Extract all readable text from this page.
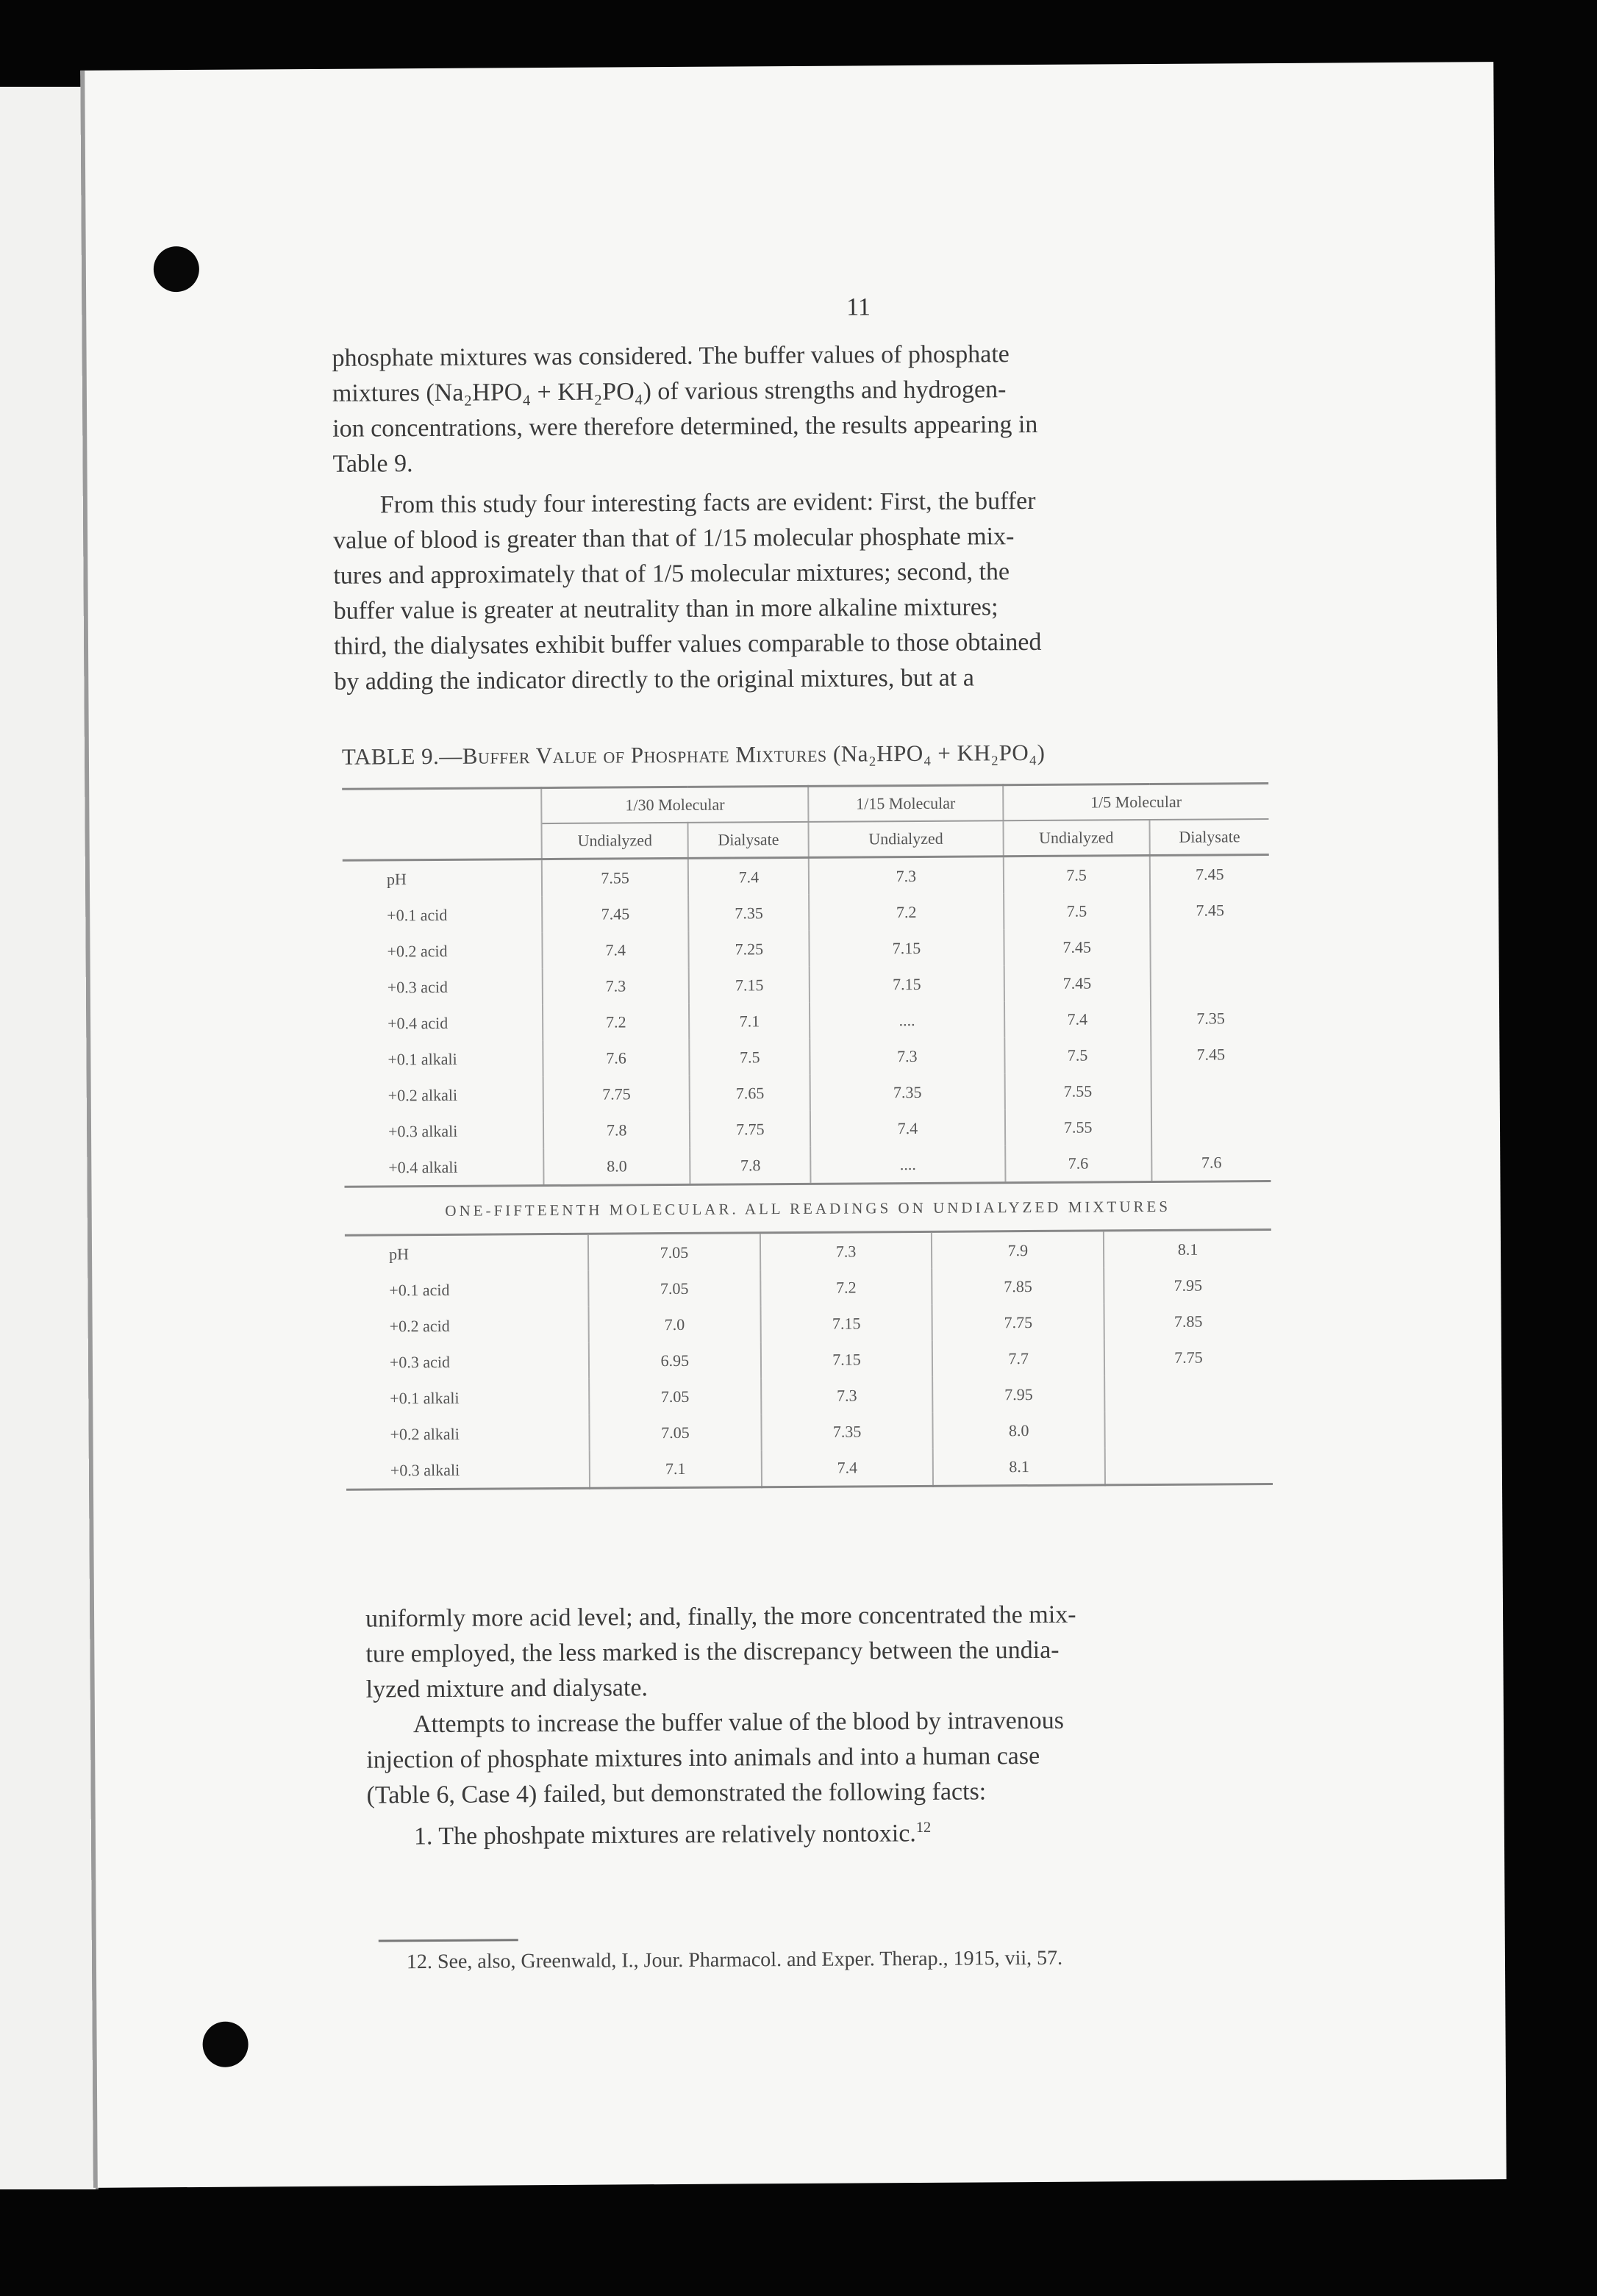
11

phosphate mixtures was considered. The buffer values of phosphate

mixtures (Na₂HPO₄ + KH₂PO₄) of various strengths and hydrogen-

ion concentrations, were therefore determined, the results appearing in

Table 9.

From this study four interesting facts are evident: First, the buffer

value of blood is greater than that of 1/15 molecular phosphate mix-

tures and approximately that of 1/5 molecular mixtures; second, the

buffer value is greater at neutrality than in more alkaline mixtures;

third, the dialysates exhibit buffer values comparable to those obtained

by adding the indicator directly to the original mixtures, but at a

TABLE 9.—Buffer Value of Phosphate Mixtures (Na₂HPO₄ + KH₂PO₄)
	1/30 Molecular		1/15 Molecular	1/5 Molecular	
	Undialyzed	Dialysate	Undialyzed	Undialyzed	Dialysate
pH	7.55	7.4	7.3	7.5	7.45
+0.1 acid	7.45	7.35	7.2	7.5	7.45
+0.2 acid	7.4	7.25	7.15	7.45	
+0.3 acid	7.3	7.15	7.15	7.45	
+0.4 acid	7.2	7.1	....	7.4	7.35
+0.1 alkali	7.6	7.5	7.3	7.5	7.45
+0.2 alkali	7.75	7.65	7.35	7.55	
+0.3 alkali	7.8	7.75	7.4	7.55	
+0.4 alkali	8.0	7.8	....	7.6	7.6
ONE-FIFTEENTH MOLECULAR. ALL READINGS ON UNDIALYZED MIXTURES
pH	7.05	7.3	7.9	8.1
+0.1 acid	7.05	7.2	7.85	7.95
+0.2 acid	7.0	7.15	7.75	7.85
+0.3 acid	6.95	7.15	7.7	7.75
+0.1 alkali	7.05	7.3	7.95	
+0.2 alkali	7.05	7.35	8.0	
+0.3 alkali	7.1	7.4	8.1	

uniformly more acid level; and, finally, the more concentrated the mix-

ture employed, the less marked is the discrepancy between the undia-

lyzed mixture and dialysate.

Attempts to increase the buffer value of the blood by intravenous

injection of phosphate mixtures into animals and into a human case

(Table 6, Case 4) failed, but demonstrated the following facts:

1. The phoshpate mixtures are relatively nontoxic.$^{12}$

12. See, also, Greenwald, I., Jour. Pharmacol. and Exper. Therap., 1915, vii, 57.
